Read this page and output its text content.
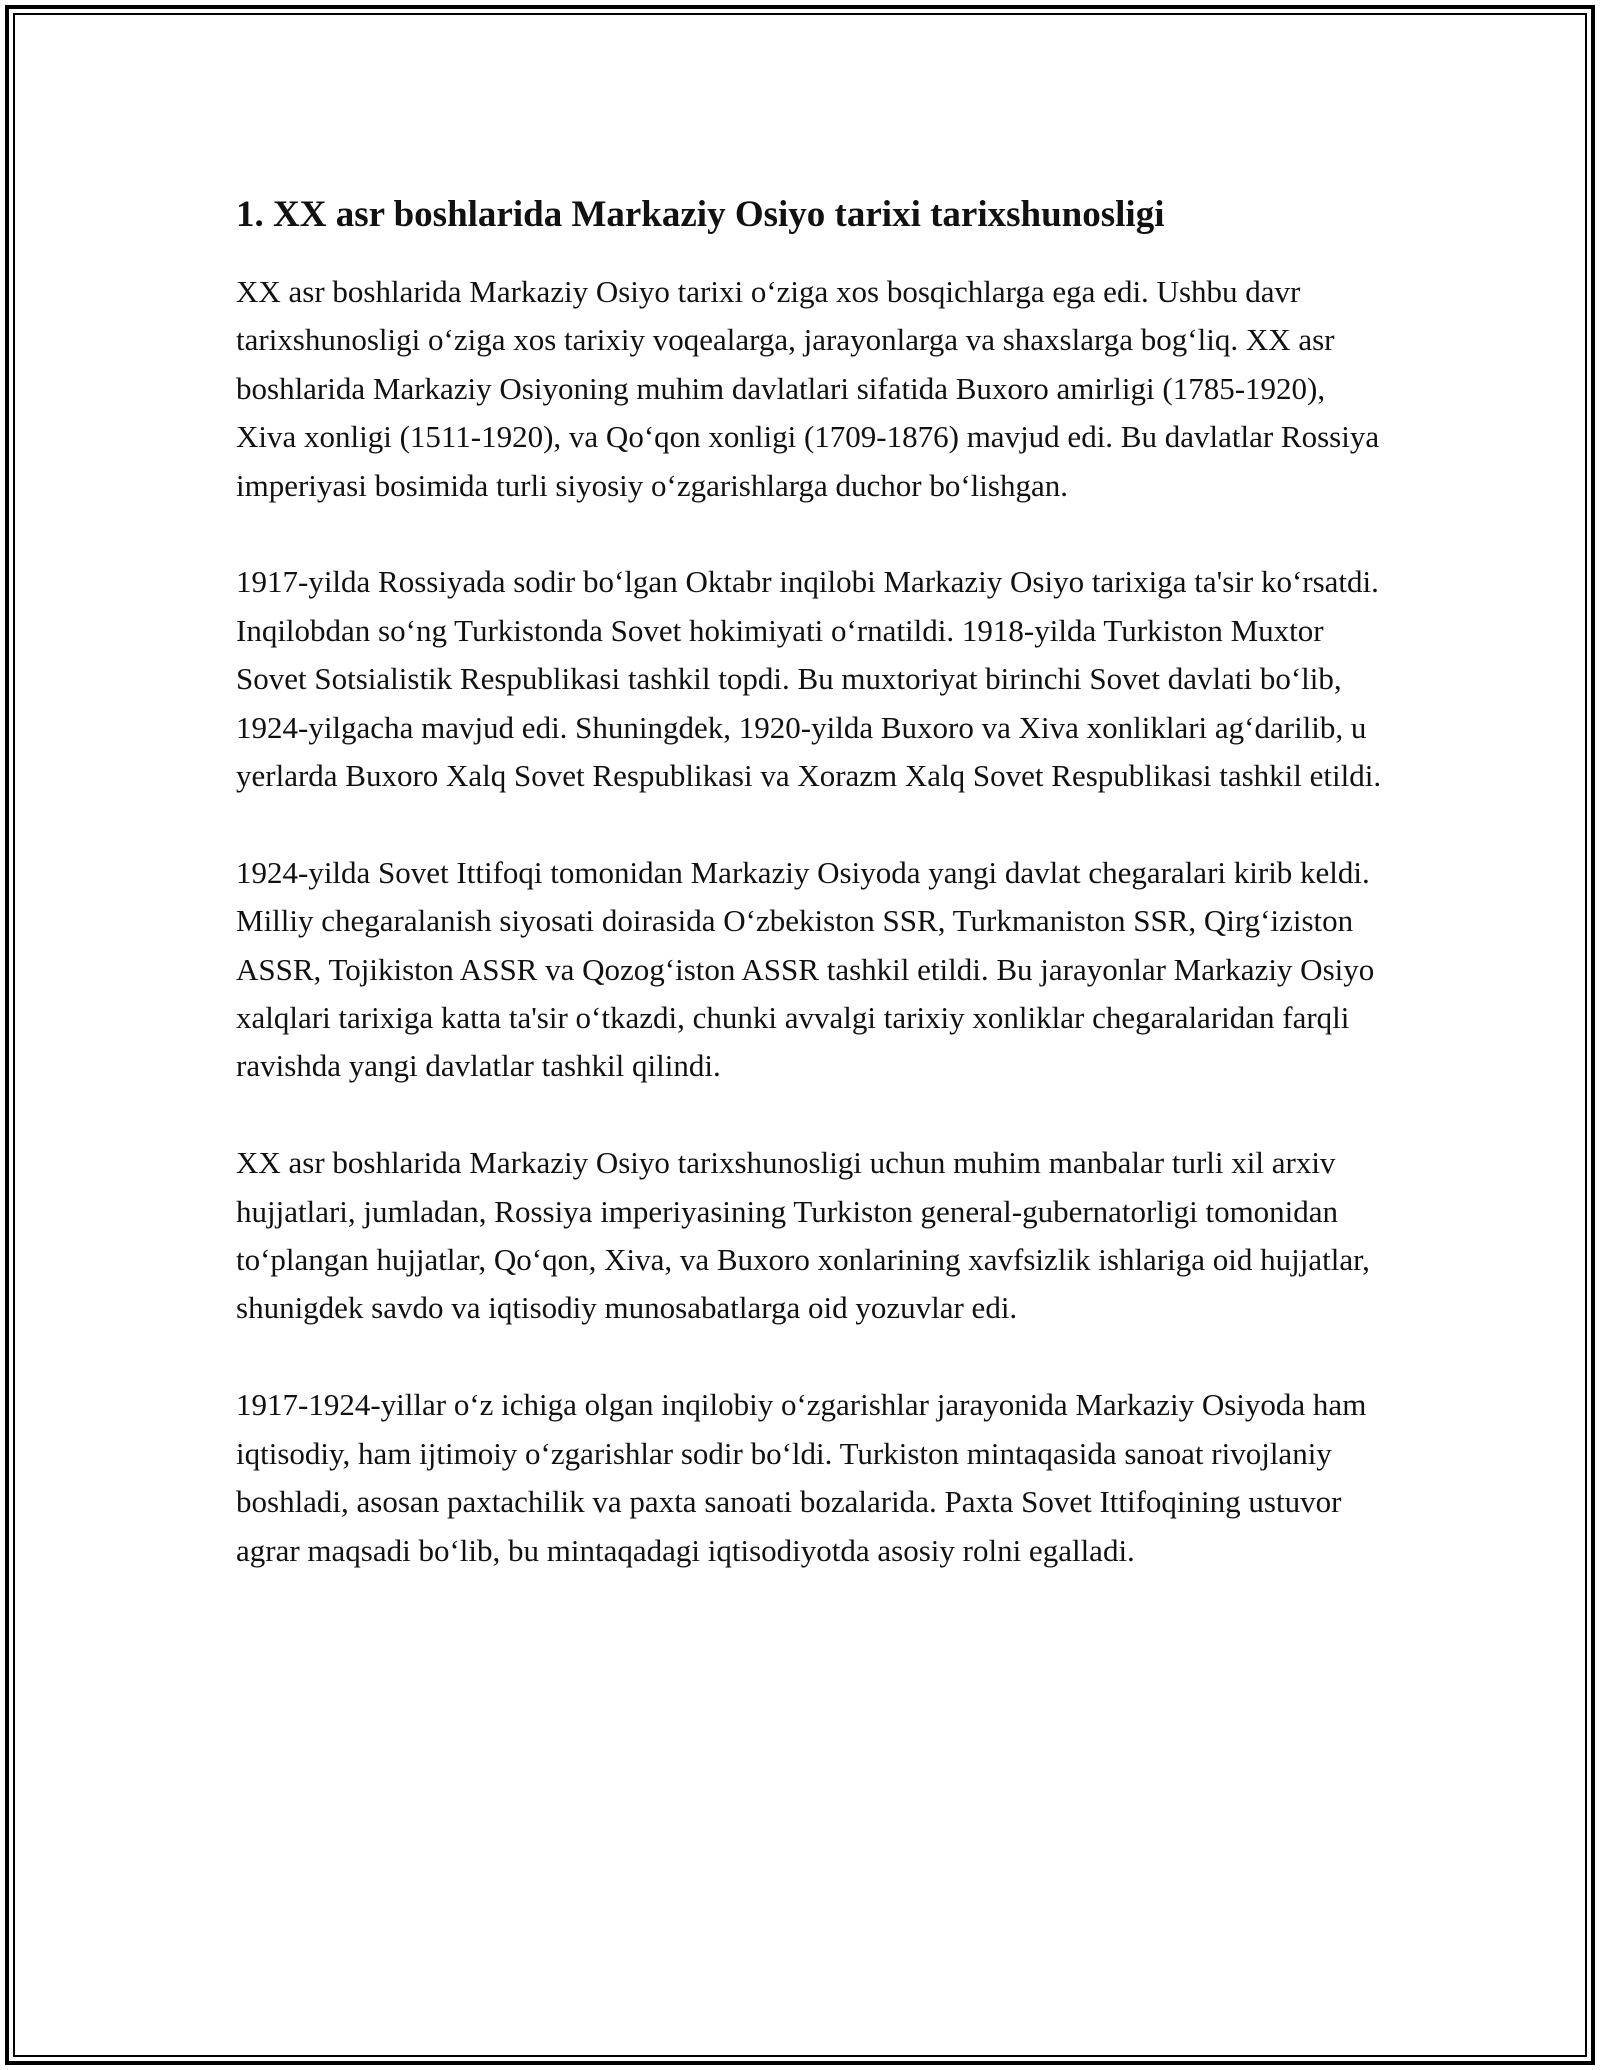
1. XX asr boshlarida Markaziy Osiyo tarixi tarixshunosligi

XX asr boshlarida Markaziy Osiyo tarixi o‘ziga xos bosqichlarga ega edi. Ushbu davr tarixshunosligi o‘ziga xos tarixiy voqealarga, jarayonlarga va shaxslarga bog‘liq. XX asr boshlarida Markaziy Osiyoning muhim davlatlari sifatida Buxoro amirligi (1785-1920), Xiva xonligi (1511-1920), va Qo‘qon xonligi (1709-1876) mavjud edi. Bu davlatlar Rossiya imperiyasi bosimida turli siyosiy o‘zgarishlarga duchor bo‘lishgan.

1917-yilda Rossiyada sodir bo‘lgan Oktabr inqilobi Markaziy Osiyo tarixiga ta'sir ko‘rsatdi. Inqilobdan so‘ng Turkistonda Sovet hokimiyati o‘rnatildi. 1918-yilda Turkiston Muxtor Sovet Sotsialistik Respublikasi tashkil topdi. Bu muxtoriyat birinchi Sovet davlati bo‘lib, 1924-yilgacha mavjud edi. Shuningdek, 1920-yilda Buxoro va Xiva xonliklari ag‘darilib, u yerlarda Buxoro Xalq Sovet Respublikasi va Xorazm Xalq Sovet Respublikasi tashkil etildi.

1924-yilda Sovet Ittifoqi tomonidan Markaziy Osiyoda yangi davlat chegaralari kirib keldi. Milliy chegaralanish siyosati doirasida O‘zbekiston SSR, Turkmaniston SSR, Qirg‘iziston ASSR, Tojikiston ASSR va Qozog‘iston ASSR tashkil etildi. Bu jarayonlar Markaziy Osiyo xalqlari tarixiga katta ta'sir o‘tkazdi, chunki avvalgi tarixiy xonliklar chegaralaridan farqli ravishda yangi davlatlar tashkil qilindi.

XX asr boshlarida Markaziy Osiyo tarixshunosligi uchun muhim manbalar turli xil arxiv hujjatlari, jumladan, Rossiya imperiyasining Turkiston general-gubernatorligi tomonidan to‘plangan hujjatlar, Qo‘qon, Xiva, va Buxoro xonlarining xavfsizlik ishlariga oid hujjatlar, shunigdek savdo va iqtisodiy munosabatlarga oid yozuvlar edi.

1917-1924-yillar o‘z ichiga olgan inqilobiy o‘zgarishlar jarayonida Markaziy Osiyoda ham iqtisodiy, ham ijtimoiy o‘zgarishlar sodir bo‘ldi. Turkiston mintaqasida sanoat rivojlaniy boshladi, asosan paxtachilik va paxta sanoati bozalarida. Paxta Sovet Ittifoqining ustuvor agrar maqsadi bo‘lib, bu mintaqadagi iqtisodiyotda asosiy rolni egalladi.
